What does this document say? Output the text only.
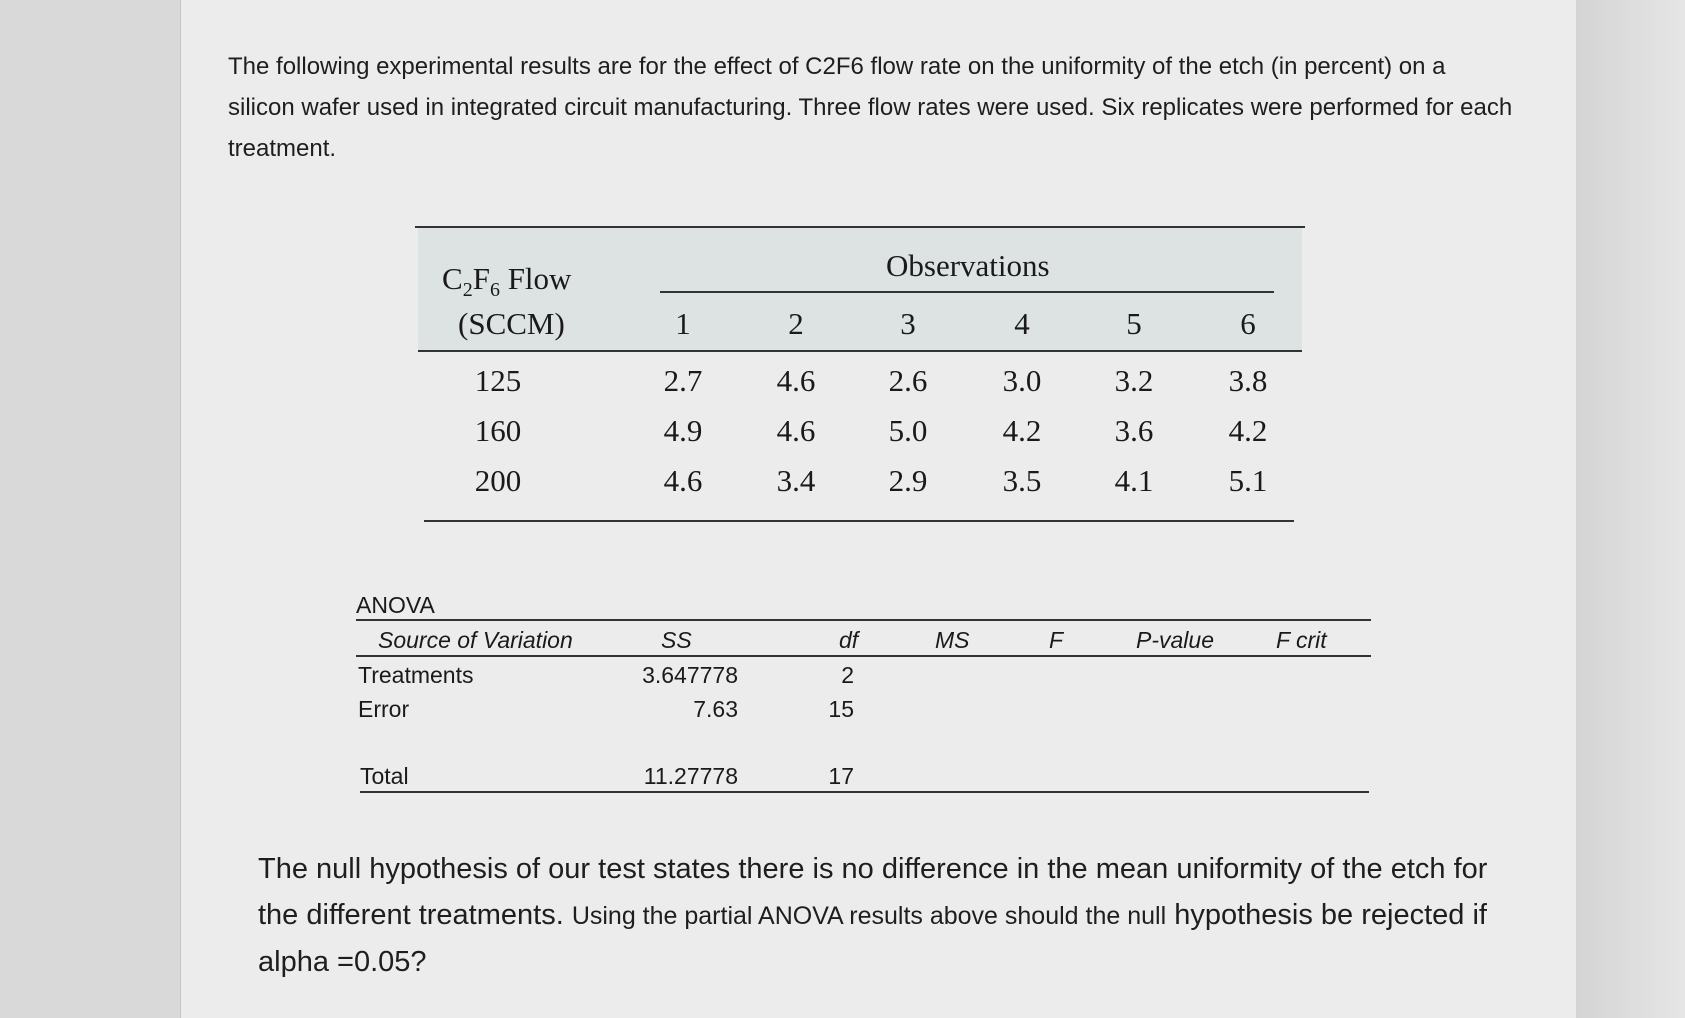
The following experimental results are for the effect of C2F6 flow rate on the uniformity of the etch (in percent) on a silicon wafer used in integrated circuit manufacturing. Three flow rates were used. Six replicates were performed for each treatment.

$C_2F_6$ Flow
(SCCM)
Observations
1	2	3	4	5	6
125	2.7	4.6	2.6	3.0	3.2	3.8
160	4.9	4.6	5.0	4.2	3.6	4.2
200	4.6	3.4	2.9	3.5	4.1	5.1
ANOVA
Source of Variation	SS	df	MS	F	P-value	F crit
Treatments	3.647778	2
Error	7.63	15
Total	11.27778	17

The null hypothesis of our test states there is no difference in the mean uniformity of the etch for the different treatments. Using the partial ANOVA results above should the null hypothesis be rejected if alpha =0.05?
